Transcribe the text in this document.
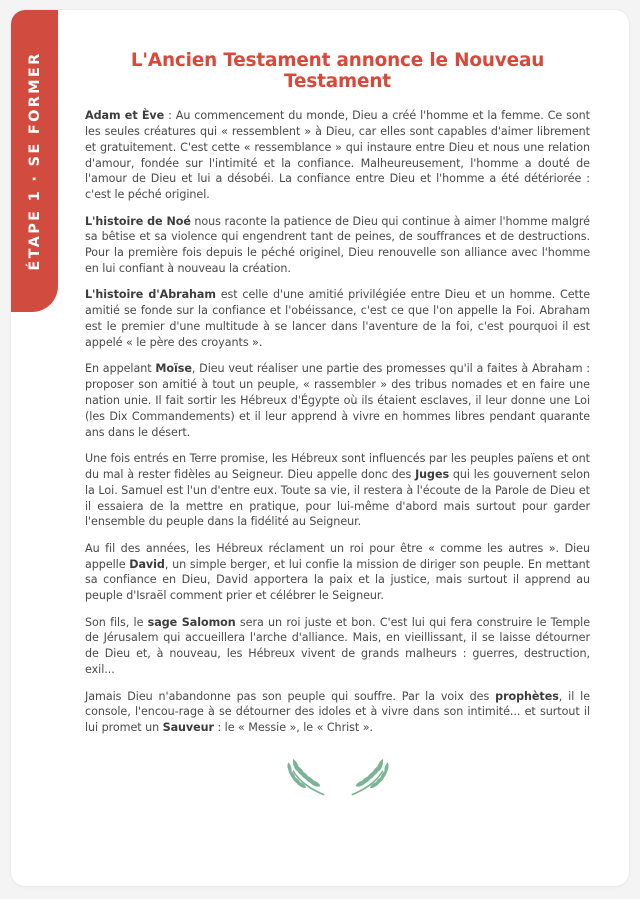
ÉTAPE 1 · SE FORMER	L'Ancien Testament annonce le Nouveau Testament

Adam et Ève : Au commencement du monde, Dieu a créé l'homme et la femme. Ce sont les seules créatures qui « ressemblent » à Dieu, car elles sont capables d'aimer librement et gratuitement. C'est cette « ressemblance » qui instaure entre Dieu et nous une relation d'amour, fondée sur l'intimité et la confiance. Malheureusement, l'homme a douté de l'amour de Dieu et lui a désobéi. La confiance entre Dieu et l'homme a été détériorée : c'est le péché originel.

L'histoire de Noé nous raconte la patience de Dieu qui continue à aimer l'homme malgré sa bêtise et sa violence qui engendrent tant de peines, de souffrances et de destructions. Pour la première fois depuis le péché originel, Dieu renouvelle son alliance avec l'homme en lui confiant à nouveau la création.

L'histoire d'Abraham est celle d'une amitié privilégiée entre Dieu et un homme. Cette amitié se fonde sur la confiance et l'obéissance, c'est ce que l'on appelle la Foi. Abraham est le premier d'une multitude à se lancer dans l'aventure de la foi, c'est pourquoi il est appelé « le père des croyants ».

En appelant Moïse, Dieu veut réaliser une partie des promesses qu'il a faites à Abraham : proposer son amitié à tout un peuple, « rassembler » des tribus nomades et en faire une nation unie. Il fait sortir les Hébreux d'Égypte où ils étaient esclaves, il leur donne une Loi (les Dix Commandements) et il leur apprend à vivre en hommes libres pendant quarante ans dans le désert.

Une fois entrés en Terre promise, les Hébreux sont influencés par les peuples païens et ont du mal à rester fidèles au Seigneur. Dieu appelle donc des Juges qui les gouvernent selon la Loi. Samuel est l'un d'entre eux. Toute sa vie, il restera à l'écoute de la Parole de Dieu et il essaiera de la mettre en pratique, pour lui-même d'abord mais surtout pour garder l'ensemble du peuple dans la fidélité au Seigneur.

Au fil des années, les Hébreux réclament un roi pour être « comme les autres ». Dieu appelle David, un simple berger, et lui confie la mission de diriger son peuple. En mettant sa confiance en Dieu, David apportera la paix et la justice, mais surtout il apprend au peuple d'Israël comment prier et célébrer le Seigneur.

Son fils, le sage Salomon sera un roi juste et bon. C'est lui qui fera construire le Temple de Jérusalem qui accueillera l'arche d'alliance. Mais, en vieillissant, il se laisse détourner de Dieu et, à nouveau, les Hébreux vivent de grands malheurs : guerres, destruction, exil...

Jamais Dieu n'abandonne pas son peuple qui souffre. Par la voix des prophètes, il le console, l'encou-rage à se détourner des idoles et à vivre dans son intimité... et surtout il lui promet un Sauveur : le « Messie », le « Christ ».
